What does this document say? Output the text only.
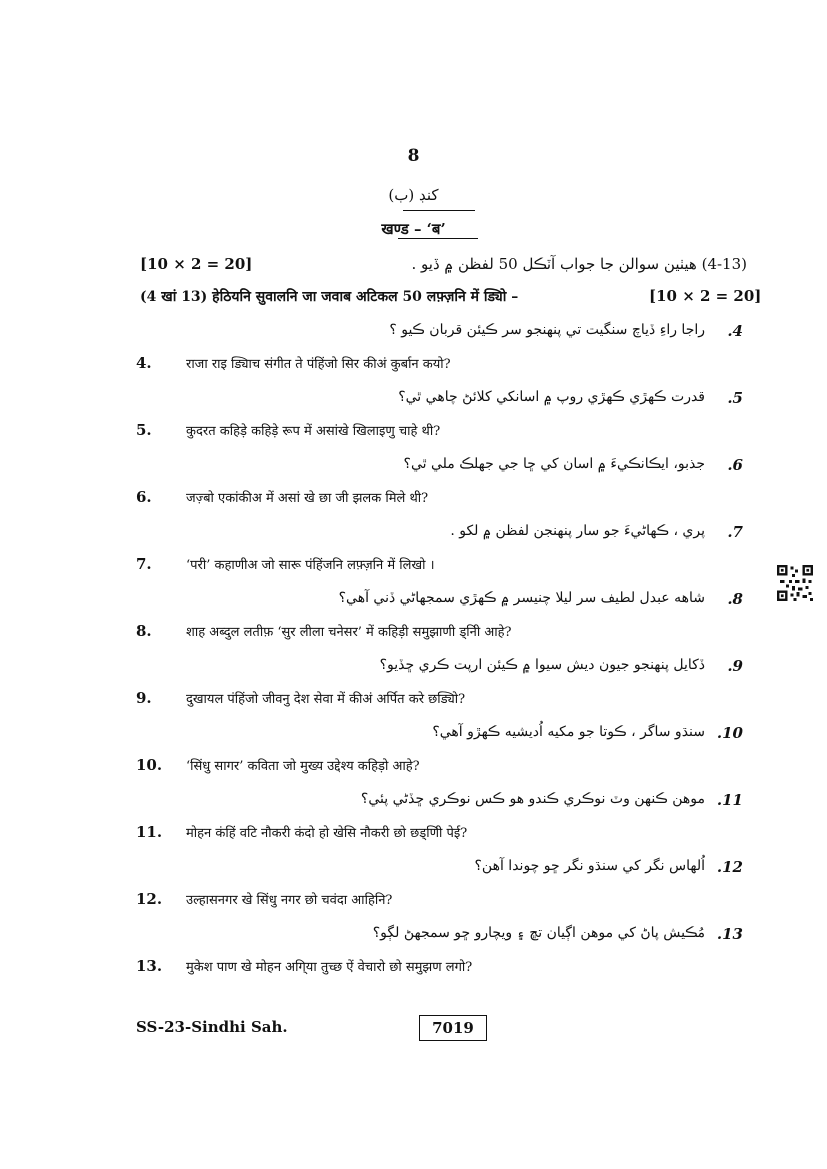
8
کنڊ (ب)
खण्ड – ‘ब’
[10 × 2 = 20]	(4-13) هيٺين سوالن جا جواب آٽڪل 50 لفظن ۾ ڏيو .
(4 खां 13) हेठियनि सुवालनि जा जवाब अटिकल 50 लफ़्ज़नि में ड्यिो –	[10 × 2 = 20]
.4
راجا راءِ ڏياچ سنگيت تي پنهنجو سر ڪيئن قربان ڪيو ؟
4.	राजा राइ ड्यिाच संगीत ते पंहिंजो सिर कीअं कुर्बान कयो?
.5
قدرت ڪهڙي ڪهڙي روپ ۾ اسانکي کلائڻ چاهي ٿي؟
5.	कुदरत कहिड़े कहिड़े रूप में असांखे खिलाइणु चाहे थी?
.6
جذبو، ايڪانڪيءَ ۾ اسان کي ڇا جي جهلڪ ملي ٿي؟
6.	जज़्बो एकांकीअ में असां खे छा जी झलक मिले थी?
.7
پري ، ڪهاڻيءَ جو سار پنهنجن لفظن ۾ لکو .
7.	‘परी’ कहाणीअ जो सारू पंहिंजनि लफ़्ज़नि में लिखो ।
.8
شاهه عبدل لطيف سر ليلا چنيسر ۾ ڪهڙي سمجهاڻي ڏني آهي؟
8.	शाह अब्दुल लतीफ़ ‘सुर लीला चनेसर’ में कहिड़ी समुझाणी ड्निी आहे?
.9
ڏکايل پنهنجو جيون ديش سيوا ۾ ڪيئن ارپت ڪري ڇڏيو؟
9.	दुखायल पंहिंजो जीवनु देश सेवा में कीअं अर्पित करे छड्यिो?
.10
سنڌو ساگر ، ڪوتا جو مکيه اُديشيه ڪهڙو آهي؟
10.	‘सिंधु सागर’ कविता जो मुख्य उद्देश्य कहिड़ो आहे?
.11
موهن ڪنهن وٽ نوڪري ڪندو هو ڪس نوڪري ڇڏڻي پئي؟
11.	मोहन कंहिं वटि नौकरी कंदो हो खेसि नौकरी छो छड्णिी पेई?
.12
اُلهاس نگر کي سنڌو نگر ڇو چوندا آهن؟
12.	उल्हासनगर खे सिंधु नगर छो चवंदा आहिनि?
.13
مُڪيش پاڻ کي موهن اڳيان تڇ ۽ ويچارو ڇو سمجهڻ لڳو؟
13.	मुकेश पाण खे मोहन अगि्या तुच्छ ऐं वेचारो छो समुझण लगो?
SS-23-Sindhi Sah.	7019
